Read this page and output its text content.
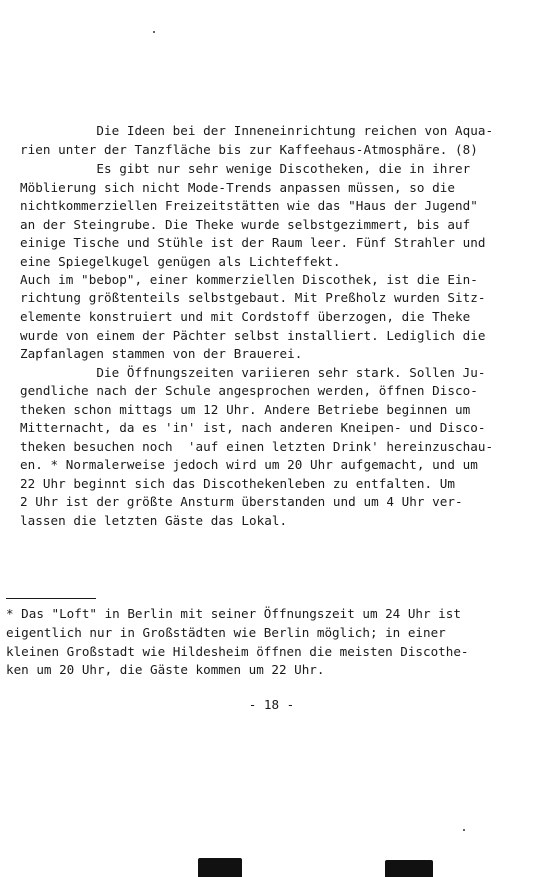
Die Ideen bei der Inneneinrichtung reichen von Aqua-
rien unter der Tanzfläche bis zur Kaffeehaus-Atmosphäre. (8)
Es gibt nur sehr wenige Discotheken, die in ihrer
Möblierung sich nicht Mode-Trends anpassen müssen, so die
nichtkommerziellen Freizeitstätten wie das "Haus der Jugend"
an der Steingrube. Die Theke wurde selbstgezimmert, bis auf
einige Tische und Stühle ist der Raum leer. Fünf Strahler und
eine Spiegelkugel genügen als Lichteffekt.
Auch im "bebop", einer kommerziellen Discothek, ist die Ein-
richtung größtenteils selbstgebaut. Mit Preßholz wurden Sitz-
elemente konstruiert und mit Cordstoff überzogen, die Theke
wurde von einem der Pächter selbst installiert. Lediglich die
Zapfanlagen stammen von der Brauerei.
Die Öffnungszeiten variieren sehr stark. Sollen Ju-
gendliche nach der Schule angesprochen werden, öffnen Disco-
theken schon mittags um 12 Uhr. Andere Betriebe beginnen um
Mitternacht, da es 'in' ist, nach anderen Kneipen- und Disco-
theken besuchen noch  'auf einen letzten Drink' hereinzuschau-
en. * Normalerweise jedoch wird um 20 Uhr aufgemacht, und um
22 Uhr beginnt sich das Discothekenleben zu entfalten. Um
2 Uhr ist der größte Ansturm überstanden und um 4 Uhr ver-
lassen die letzten Gäste das Lokal.
* Das "Loft" in Berlin mit seiner Öffnungszeit um 24 Uhr ist
eigentlich nur in Großstädten wie Berlin möglich; in einer
kleinen Großstadt wie Hildesheim öffnen die meisten Discothe-
ken um 20 Uhr, die Gäste kommen um 22 Uhr.
- 18 -
